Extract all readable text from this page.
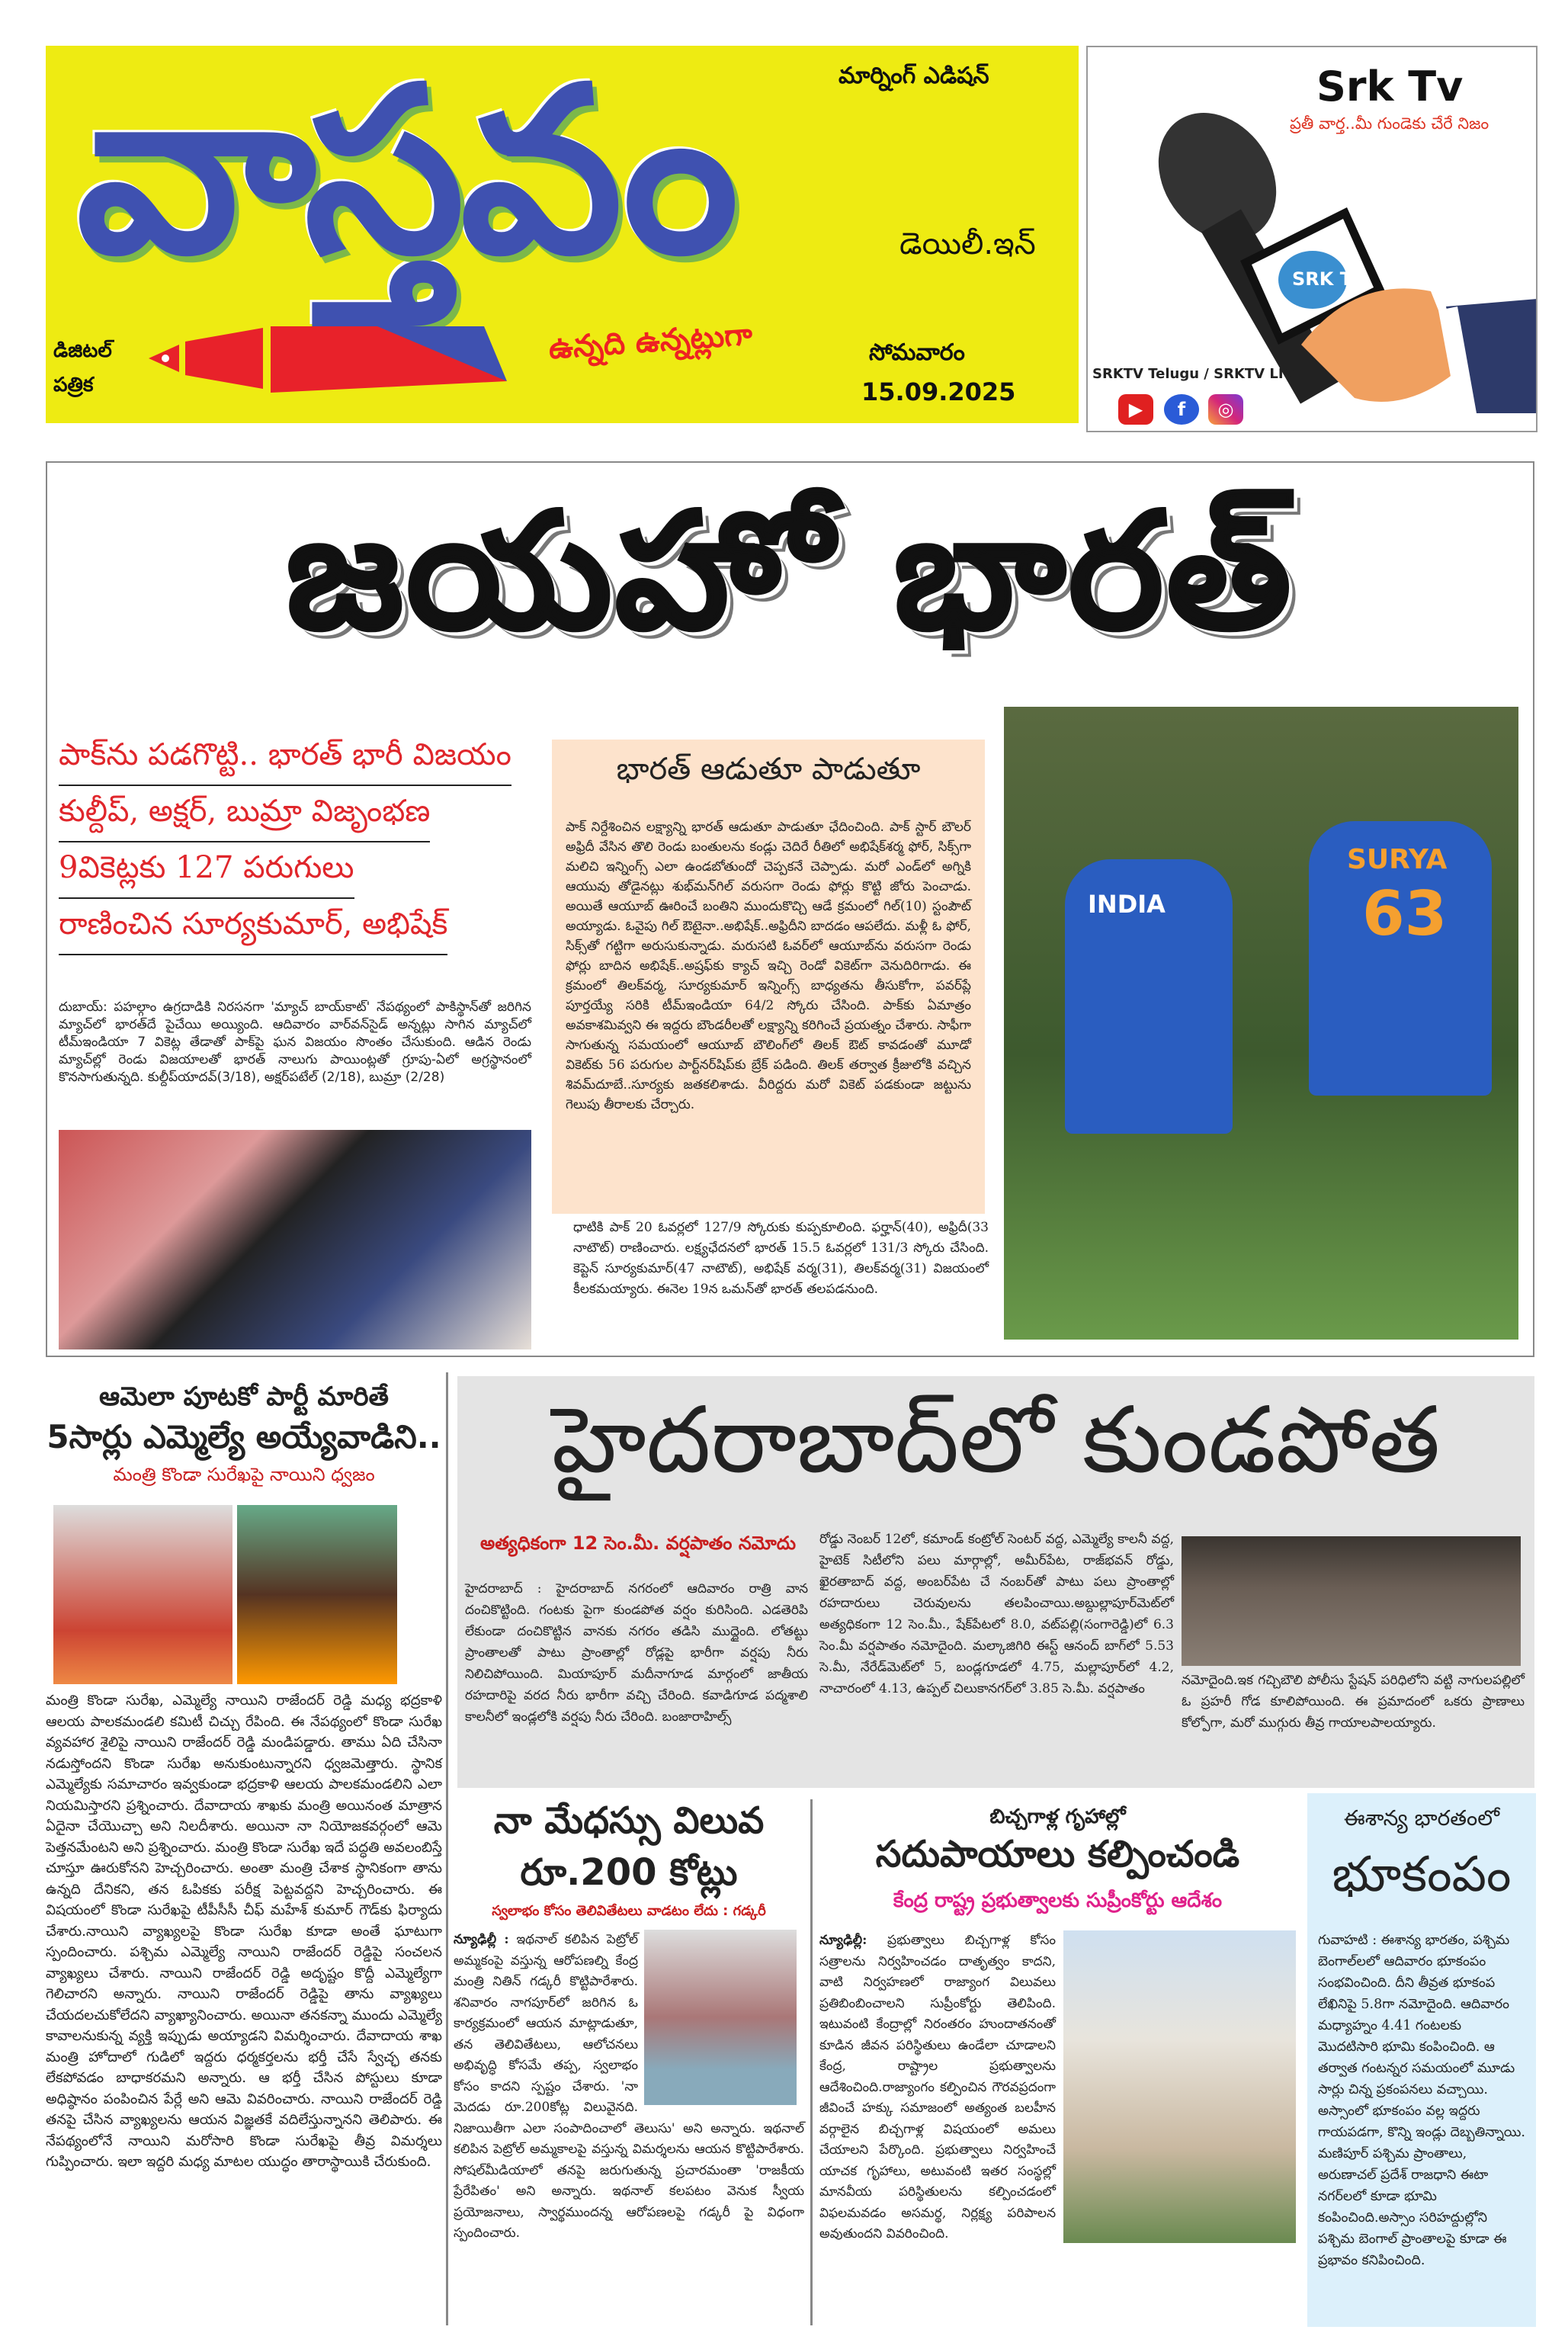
వాస్తవం	మార్నింగ్ ఎడిషన్
డెయిలీ.ఇన్
ఉన్నది ఉన్నట్లుగా
డిజిటల్
పత్రిక
సోమవారం
15.09.2025
Srk Tv
ప్రతీ వార్త..మీ గుండెకు చేరే నిజం
SRK TV
SRKTV Telugu / SRKTV LIVE
▶	f	◎
జయహో భారత్
పాక్‌ను పడగొట్టి.. భారత్ భారీ విజయం కుల్దీప్, అక్షర్, బుమ్రా విజృంభణ 9వికెట్లకు 127 పరుగులు రాణించిన సూర్యకుమార్, అభిషేక్
దుబాయ్: పహల్గాం ఉగ్రదాడికి నిరసనగా 'మ్యాచ్ బాయ్‌కాట్' నేపథ్యంలో పాకిస్థాన్‌తో జరిగిన మ్యాచ్‌లో భారత్‌దే పైచేయి అయ్యింది. ఆదివారం వార్‌వన్‌సైడ్ అన్నట్లు సాగిన మ్యాచ్‌లో టీమ్‌ఇండియా 7 వికెట్ల తేడాతో పాక్‌పై ఘన విజయం సొంతం చేసుకుంది. ఆడిన రెండు మ్యాచ్‌ల్లో రెండు విజయాలతో భారత్ నాలుగు పాయింట్లతో గ్రూపు-ఏలో అగ్రస్థానంలో కొనసాగుతున్నది. కుల్దీప్‌యాదవ్(3/18), అక్షర్‌పటేల్ (2/18), బుమ్రా (2/28)
భారత్ ఆడుతూ పాడుతూ
పాక్ నిర్దేశించిన లక్ష్యాన్ని భారత్ ఆడుతూ పాడుతూ ఛేదించింది. పాక్ స్టార్ బౌలర్ అఫ్రిదీ వేసిన తొలి రెండు బంతులను కండ్లు చెదిరే రీతిలో అభిషేక్‌శర్మ ఫోర్, సిక్స్‌గా మలిచి ఇన్నింగ్స్ ఎలా ఉండబోతుందో చెప్పకనే చెప్పాడు. మరో ఎండ్‌లో అగ్నికి ఆయువు తోడైనట్లు శుభ్‌మన్‌గిల్ వరుసగా రెండు ఫోర్లు కొట్టి జోరు పెంచాడు. అయితే ఆయూబ్ ఊరించే బంతిని ముందుకొచ్చి ఆడే క్రమంలో గిల్(10) స్టంపౌట్ అయ్యాడు. ఓవైపు గిల్ ఔటైనా..అభిషేక్..అఫ్రిదీని బాదడం ఆపలేదు. మళ్లీ ఓ ఫోర్, సిక్స్‌తో గట్టిగా అరుసుకున్నాడు. మరుసటి ఓవర్‌లో ఆయూబ్‌ను వరుసగా రెండు ఫోర్లు బాదిన అభిషేక్..అష్రఫ్‌కు క్యాచ్ ఇచ్చి రెండో వికెట్‌గా వెనుదిరిగాడు. ఈ క్రమంలో తిలక్‌వర్మ, సూర్యకుమార్ ఇన్నింగ్స్ బాధ్యతను తీసుకోగా, పవర్‌ప్లే పూర్తయ్యే సరికి టీమ్‌ఇండియా 64/2 స్కోరు చేసింది. పాక్‌కు ఏమాత్రం అవకాశమివ్వని ఈ ఇద్దరు బౌండరీలతో లక్ష్యాన్ని కరిగించే ప్రయత్నం చేశారు. సాఫీగా సాగుతున్న సమయంలో ఆయూబ్ బౌలింగ్‌లో తిలక్ ఔట్ కావడంతో మూడో వికెట్‌కు 56 పరుగుల పార్ట్‌నర్‌షిప్‌కు బ్రేక్ పడింది. తిలక్ తర్వాత క్రీజులోకి వచ్చిన శివమ్‌దూబే..సూర్యకు జతకలిశాడు. వీరిద్దరు మరో వికెట్ పడకుండా జట్టును గెలుపు తీరాలకు చేర్చారు.
ధాటికి పాక్ 20 ఓవర్లలో 127/9 స్కోరుకు కుప్పకూలింది. ఫర్హాన్(40), అఫ్రిదీ(33 నాటౌట్) రాణించారు. లక్ష్యఛేదనలో భారత్ 15.5 ఓవర్లలో 131/3 స్కోరు చేసింది. కెప్టెన్ సూర్యకుమార్(47 నాటౌట్), అభిషేక్ వర్మ(31), తిలక్‌వర్మ(31) విజయంలో కీలకమయ్యారు. ఈనెల 19న ఒమన్‌తో భారత్ తలపడనుంది.
INDIA
SURYA
63
ఆమెలా పూటకో పార్టీ మారితే
5సార్లు ఎమ్మెల్యే అయ్యేవాడిని..
మంత్రి కొండా సురేఖపై నాయిని ధ్వజం
మంత్రి కొండా సురేఖ, ఎమ్మెల్యే నాయిని రాజేందర్ రెడ్డి మధ్య భద్రకాళి ఆలయ పాలకమండలి కమిటీ చిచ్చు రేపింది. ఈ నేపథ్యంలో కొండా సురేఖ వ్యవహార శైలిపై నాయిని రాజేందర్ రెడ్డి మండిపడ్డారు. తాము ఏది చేసినా నడుస్తోందని కొండా సురేఖ అనుకుంటున్నారని ధ్వజమెత్తారు. స్థానిక ఎమ్మెల్యేకు సమాచారం ఇవ్వకుండా భద్రకాళి ఆలయ పాలకమండలిని ఎలా నియమిస్తారని ప్రశ్నించారు. దేవాదాయ శాఖకు మంత్రి అయినంత మాత్రాన ఏదైనా చేయొచ్చా అని నిలదీశారు. అయినా నా నియోజకవర్గంలో ఆమె పెత్తనమేంటని అని ప్రశ్నించారు. మంత్రి కొండా సురేఖ ఇదే పద్ధతి అవలంబిస్తే చూస్తూ ఊరుకోనని హెచ్చరించారు. అంతా మంత్రి చేశాక స్థానికంగా తాను ఉన్నది దేనికని, తన ఓపికకు పరీక్ష పెట్టవద్దని హెచ్చరించారు. ఈ విషయంలో కొండా సురేఖపై టీపీసీసీ చీఫ్ మహేశ్ కుమార్ గౌడ్‌కు ఫిర్యాదు చేశారు.నాయిని వ్యాఖ్యలపై కొండా సురేఖ కూడా అంతే ఘాటుగా స్పందించారు. పశ్చిమ ఎమ్మెల్యే నాయిని రాజేందర్ రెడ్డిపై సంచలన వ్యాఖ్యలు చేశారు. నాయిని రాజేందర్ రెడ్డి అదృష్టం కొద్దీ ఎమ్మెల్యేగా గెలిచారని అన్నారు. నాయిని రాజేందర్ రెడ్డిపై తాను వ్యాఖ్యలు చేయదలచుకోలేదని వ్యాఖ్యానించారు. అయినా తనకన్నా ముందు ఎమ్మెల్యే కావాలనుకున్న వ్యక్తి ఇప్పుడు అయ్యాడని విమర్శించారు. దేవాదాయ శాఖ మంత్రి హోదాలో గుడిలో ఇద్దరు ధర్మకర్తలను భర్తీ చేసే స్వేచ్ఛ తనకు లేకపోవడం బాధాకరమని అన్నారు. ఆ భర్తీ చేసిన పోస్టులు కూడా అధిష్ఠానం పంపించిన పేర్లే అని ఆమె వివరించారు. నాయిని రాజేందర్ రెడ్డి తనపై చేసిన వ్యాఖ్యలను ఆయన విజ్ఞతకే వదిలేస్తున్నానని తెలిపారు. ఈ నేపథ్యంలోనే నాయిని మరోసారి కొండా సురేఖపై తీవ్ర విమర్శలు గుప్పించారు. ఇలా ఇద్దరి మధ్య మాటల యుద్ధం తారాస్థాయికి చేరుకుంది.
హైదరాబాద్‌లో కుండపోత
అత్యధికంగా 12 సెం.మీ. వర్షపాతం నమోదు
హైదరాబాద్ : హైదరాబాద్ నగరంలో ఆదివారం రాత్రి వాన దంచికొట్టింది. గంటకు పైగా కుండపోత వర్షం కురిసింది. ఎడతెరిపి లేకుండా దంచికొట్టిన వానకు నగరం తడిసి ముద్దైంది. లోతట్టు ప్రాంతాలతో పాటు ప్రాంతాల్లో రోడ్లపై భారీగా వర్షపు నీరు నిలిచిపోయింది. మియాపూర్ మదీనాగూడ మార్గంలో జాతీయ రహదారిపై వరద నీరు భారీగా వచ్చి చేరింది. కవాడిగూడ పద్మశాలి కాలనీలో ఇండ్లలోకి వర్షపు నీరు చేరింది. బంజారాహిల్స్
రోడ్డు నెంబర్ 12లో, కమాండ్ కంట్రోల్ సెంటర్ వద్ద, ఎమ్మెల్యే కాలనీ వద్ద, హైటెక్ సిటీలోని పలు మార్గాల్లో, అమీర్‌పేట, రాజ్‌భవన్ రోడ్డు, ఖైరతాబాద్ వద్ద, అంబర్‌పేట చే నంబర్‌తో పాటు పలు ప్రాంతాల్లో రహదారులు చెరువులను తలపించాయి.అబ్దుల్లాపూర్‌మెట్‌లో అత్యధికంగా 12 సెం.మీ., షేక్‌పేటలో 8.0, వట్‌పల్లి(సంగారెడ్డి)లో 6.3 సెం.మీ వర్షపాతం నమోదైంది. మల్కాజిగిరి ఈస్ట్ ఆనంద్ బాగ్‌లో 5.53 సె.మీ, నేరేడ్‌మెట్‌లో 5, బండ్లగూడలో 4.75, మల్లాపూర్‌లో 4.2, నాచారంలో 4.13, ఉప్పల్ చిలుకానగర్‌లో 3.85 సె.మీ. వర్షపాతం
నమోదైంది.ఇక గచ్చిబౌలి పోలీసు స్టేషన్ పరిధిలోని వట్టి నాగులపల్లిలో ఓ ప్రహరీ గోడ కూలిపోయింది. ఈ ప్రమాదంలో ఒకరు ప్రాణాలు కోల్పోగా, మరో ముగ్గురు తీవ్ర గాయాలపాలయ్యారు.
నా మేధస్సు విలువ
రూ.200 కోట్లు
స్వలాభం కోసం తెలివితేటలు వాడటం లేదు : గడ్కరీ
న్యూఢిల్లీ : ఇథనాల్ కలిపిన పెట్రోల్ అమ్మకంపై వస్తున్న ఆరోపణల్ని కేంద్ర మంత్రి నితిన్ గడ్కరీ కొట్టిపారేశారు. శనివారం నాగపూర్‌లో జరిగిన ఓ కార్యక్రమంలో ఆయన మాట్లాడుతూ, తన తెలివితేటలు, ఆలోచనలు అభివృద్ధి కోసమే తప్ప, స్వలాభం కోసం కాదని స్పష్టం చేశారు. 'నా మెదడు రూ.200కోట్ల విలువైనది. నిజాయితీగా ఎలా సంపాదించాలో తెలుసు' అని అన్నారు. ఇథనాల్ కలిపిన పెట్రోల్ అమ్మకాలపై వస్తున్న విమర్శలను ఆయన కొట్టిపారేశారు. సోషల్‌మీడియాలో తనపై జరుగుతున్న ప్రచారమంతా 'రాజకీయ ప్రేరేపితం' అని అన్నారు. ఇథనాల్ కలపటం వెనుక స్వీయ ప్రయోజనాలు, స్వార్థముందన్న ఆరోపణలపై గడ్కరీ పై విధంగా స్పందించారు.
బిచ్చగాళ్ల గృహాల్లో
సదుపాయాలు కల్పించండి
కేంద్ర రాష్ట్ర ప్రభుత్వాలకు సుప్రీంకోర్టు ఆదేశం
న్యూఢిల్లీ: ప్రభుత్వాలు బిచ్చగాళ్ల కోసం సత్రాలను నిర్వహించడం దాతృత్వం కాదని, వాటి నిర్వహణలో రాజ్యాంగ విలువలు ప్రతిబింబించాలని సుప్రీంకోర్టు తెలిపింది. ఇటువంటి కేంద్రాల్లో నిరంతరం హుందాతనంతో కూడిన జీవన పరిస్థితులు ఉండేలా చూడాలని కేంద్ర, రాష్ట్రాల ప్రభుత్వాలను ఆదేశించింది.రాజ్యాంగం కల్పించిన గౌరవప్రదంగా జీవించే హక్కు సమాజంలో అత్యంత బలహీన వర్గాలైన బిచ్చగాళ్ల విషయంలో అమలు చేయాలని పేర్కొంది. ప్రభుత్వాలు నిర్వహించే యాచక గృహాలు, అటువంటి ఇతర సంస్థల్లో మానవీయ పరిస్థితులను కల్పించడంలో విఫలమవడం అసమర్థ, నిర్లక్ష్య పరిపాలన అవుతుందని వివరించింది.
ఈశాన్య భారతంలో
భూకంపం
గువాహటి : ఈశాన్య భారతం, పశ్చిమ బెంగాల్‌లలో ఆదివారం భూకంపం సంభవించింది. దీని తీవ్రత భూకంప లేఖినిపై 5.8గా నమోదైంది. ఆదివారం మధ్యాహ్నం 4.41 గంటలకు మొదటిసారి భూమి కంపించింది. ఆ తర్వాత గంటన్నర సమయంలో మూడు సార్లు చిన్న ప్రకంపనలు వచ్చాయి. అస్సాంలో భూకంపం వల్ల ఇద్దరు గాయపడగా, కొన్ని ఇండ్లు దెబ్బతిన్నాయి. మణిపూర్ పశ్చిమ ప్రాంతాలు, అరుణాచల్ ప్రదేశ్ రాజధాని ఈటా నగర్‌లలో కూడా భూమి కంపించింది.అస్సాం సరిహద్దుల్లోని పశ్చిమ బెంగాల్ ప్రాంతాలపై కూడా ఈ ప్రభావం కనిపించింది.
